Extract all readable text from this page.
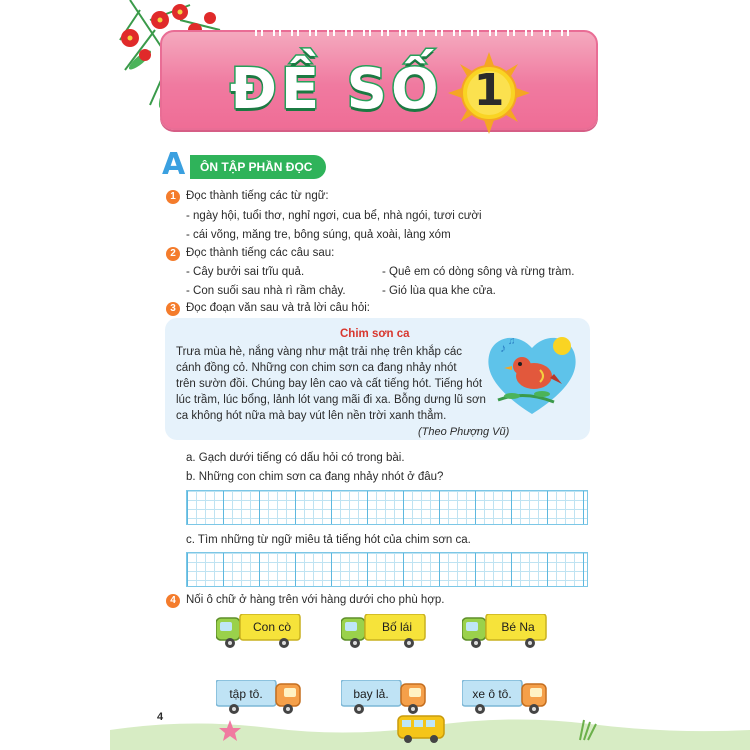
ĐỀ SỐ 1
A	ÔN TẬP PHẦN ĐỌC
1 Đọc thành tiếng các từ ngữ:
- ngày hội, tuổi thơ, nghỉ ngơi, cua bể, nhà ngói, tươi cười
- cái võng, măng tre, bông súng, quả xoài, làng xóm
2 Đọc thành tiếng các câu sau:
- Cây bưởi sai trĩu quả.
- Con suối sau nhà rì rầm chảy.
- Quê em có dòng sông và rừng tràm.
- Gió lùa qua khe cửa.
3 Đọc đoạn văn sau và trả lời câu hỏi:
Chim sơn ca
Trưa mùa hè, nắng vàng như mật trải nhẹ trên khắp các
cánh đồng cỏ. Những con chim sơn ca đang nhảy nhót
trên sườn đồi. Chúng bay lên cao và cất tiếng hót. Tiếng hót
lúc trầm, lúc bổng, lảnh lót vang mãi đi xa. Bỗng dưng lũ sơn
ca không hót nữa mà bay vút lên nền trời xanh thẳm.
(Theo Phượng Vũ)
♪ ♫
a. Gạch dưới tiếng có dấu hỏi có trong bài.
b. Những con chim sơn ca đang nhảy nhót ở đâu?
c. Tìm những từ ngữ miêu tả tiếng hót của chim sơn ca.
4 Nối ô chữ ở hàng trên với hàng dưới cho phù hợp.
Con cò	Bố lái	Bé Na
tập tô.	bay lả.	xe ô tô.
4
